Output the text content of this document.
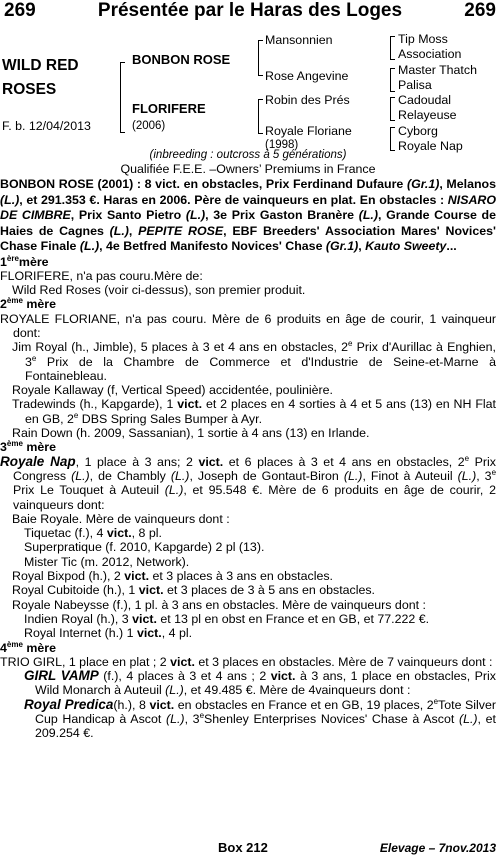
269	Présentée par le Haras des Loges	269
WILD RED
ROSES
F. b. 12/04/2013
BONBON ROSE
FLORIFERE
(2006)
Mansonnien
Rose Angevine
Robin des Prés
Royale Floriane
(1998)
Tip Moss
Association
Master Thatch
Palisa
Cadoudal
Relayeuse
Cyborg
Royale Nap
(inbreeding : outcross à 5 générations)
Qualifiée F.E.E. –Owners’ Premiums in France

BONBON ROSE (2001) : 8 vict. en obstacles, Prix Ferdinand Dufaure (Gr.1), Melanos (L.), et 291.353 €. Haras en 2006. Père de vainqueurs en plat. En obstacles : NISARO DE CIMBRE, Prix Santo Pietro (L.), 3e Prix Gaston Branère (L.), Grande Course de Haies de Cagnes (L.), PEPITE ROSE, EBF Breeders' Association Mares' Novices' Chase Finale (L.), 4e Betfred Manifesto Novices' Chase (Gr.1), Kauto Sweety...

1èremère

FLORIFERE, n'a pas couru.Mère de:

Wild Red Roses (voir ci-dessus), son premier produit.

2ème mère

ROYALE FLORIANE, n'a pas couru. Mère de 6 produits en âge de courir, 1 vainqueur dont:

Jim Royal (h., Jimble), 5 places à 3 et 4 ans en obstacles, 2e Prix d'Aurillac à Enghien, 3e Prix de la Chambre de Commerce et d'Industrie de Seine-et-Marne à Fontainebleau.

Royale Kallaway (f, Vertical Speed) accidentée, poulinière.

Tradewinds (h., Kapgarde), 1 vict. et 2 places en 4 sorties à 4 et 5 ans (13) en NH Flat en GB, 2e DBS Spring Sales Bumper à Ayr.

Rain Down (h. 2009, Sassanian), 1 sortie à 4 ans (13) en Irlande.

3ème mère

Royale Nap, 1 place à 3 ans; 2 vict. et 6 places à 3 et 4 ans en obstacles, 2e Prix Congress (L.), de Chambly (L.), Joseph de Gontaut-Biron (L.), Finot à Auteuil (L.), 3e Prix Le Touquet à Auteuil (L.), et 95.548 €. Mère de 6 produits en âge de courir, 2 vainqueurs dont:

Baie Royale. Mère de vainqueurs dont :

Tiquetac (f.), 4 vict., 8 pl.

Superpratique (f. 2010, Kapgarde) 2 pl (13).

Mister Tic (m. 2012, Network).

Royal Bixpod (h.), 2 vict. et 3 places à 3 ans en obstacles.

Royal Cubitoide (h.), 1 vict. et 3 places de 3 à 5 ans en obstacles.

Royale Nabeysse (f.), 1 pl. à 3 ans en obstacles. Mère de vainqueurs dont :

Indien Royal (h.), 3 vict. et 13 pl en obst en France et en GB, et 77.222 €.

Royal Internet (h.) 1 vict., 4 pl.

4ème mère

TRIO GIRL, 1 place en plat ; 2 vict. et 3 places en obstacles. Mère de 7 vainqueurs dont :

GIRL VAMP (f.), 4 places à 3 et 4 ans ; 2 vict. à 3 ans, 1 place en obstacles, Prix Wild Monarch à Auteuil (L.), et 49.485 €. Mère de 4vainqueurs dont :

Royal Predica(h.), 8 vict. en obstacles en France et en GB, 19 places, 2eTote Silver Cup Handicap à Ascot (L.), 3eShenley Enterprises Novices' Chase à Ascot (L.), et 209.254 €.

Box 212	Elevage – 7nov.2013
